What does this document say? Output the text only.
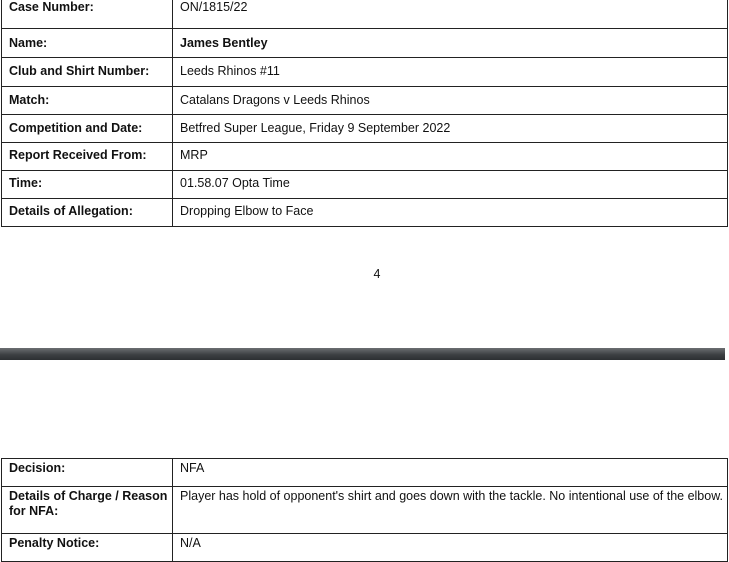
Case Number:	ON/1815/22
Name:	James Bentley
Club and Shirt Number:	Leeds Rhinos #11
Match:	Catalans Dragons v Leeds Rhinos
Competition and Date:	Betfred Super League, Friday 9 September 2022
Report Received From:	MRP
Time:	01.58.07 Opta Time
Details of Allegation:	Dropping Elbow to Face
4
Decision:	NFA
Details of Charge / Reason for NFA:	Player has hold of opponent's shirt and goes down with the tackle. No intentional use of the elbow.
Penalty Notice:	N/A
